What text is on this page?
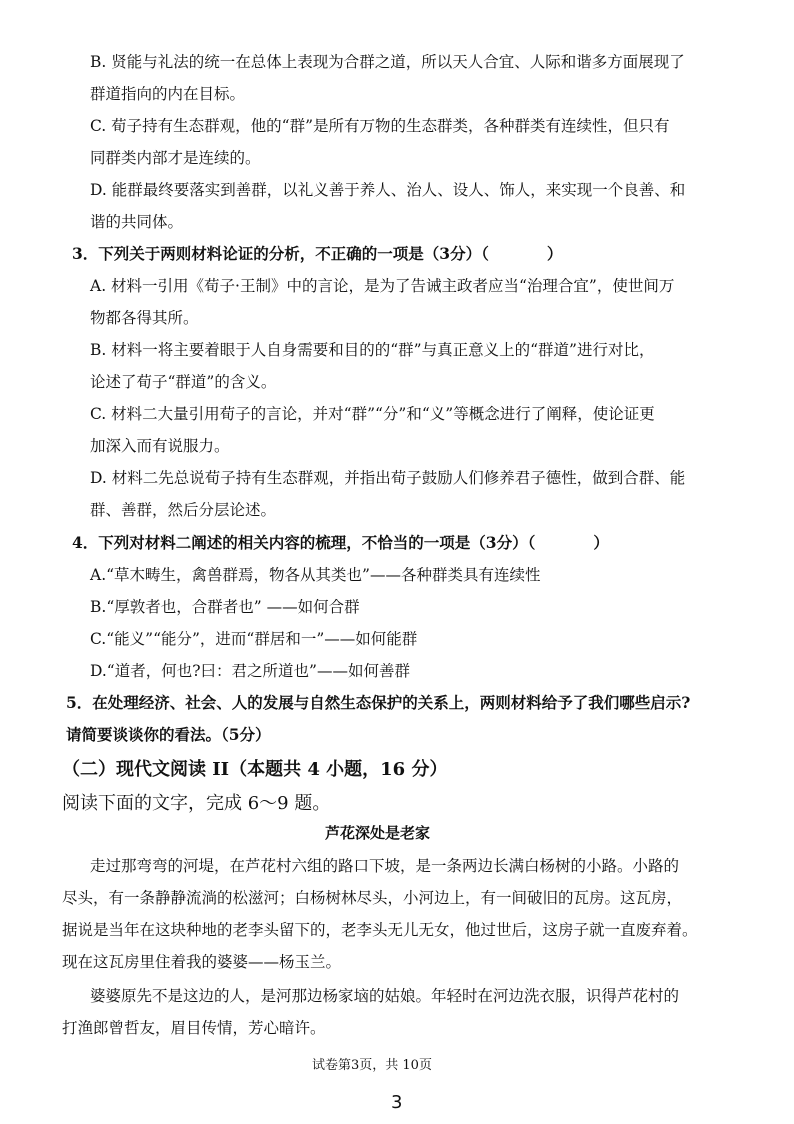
B. 贤能与礼法的统一在总体上表现为合群之道，所以天人合宜、人际和谐多方面展现了
群道指向的内在目标。
C. 荀子持有生态群观，他的“群”是所有万物的生态群类，各种群类有连续性，但只有
同群类内部才是连续的。
D. 能群最终要落实到善群，以礼义善于养人、治人、设人、饰人，来实现一个良善、和
谐的共同体。
3．下列关于两则材料论证的分析，不正确的一项是（3分）（	）
A. 材料一引用《荀子·王制》中的言论，是为了告诫主政者应当“治理合宜”，使世间万
物都各得其所。
B. 材料一将主要着眼于人自身需要和目的的“群”与真正意义上的“群道”进行对比，
论述了荀子“群道”的含义。
C. 材料二大量引用荀子的言论，并对“群”“分”和“义”等概念进行了阐释，使论证更
加深入而有说服力。
D. 材料二先总说荀子持有生态群观，并指出荀子鼓励人们修养君子德性，做到合群、能
群、善群，然后分层论述。
4．下列对材料二阐述的相关内容的梳理，不恰当的一项是（3分）（	）
A.“草木畴生，禽兽群焉，物各从其类也”——各种群类具有连续性
B.“厚敦者也，合群者也” ——如何合群
C.“能义”“能分”，进而“群居和一”——如何能群
D.“道者，何也?曰：君之所道也”——如何善群
5．在处理经济、社会、人的发展与自然生态保护的关系上，两则材料给予了我们哪些启示?
请简要谈谈你的看法。（5分）
（二）现代文阅读 II（本题共 4 小题，16 分）
阅读下面的文字，完成 6～9 题。
芦花深处是老家
走过那弯弯的河堤，在芦花村六组的路口下坡，是一条两边长满白杨树的小路。小路的
尽头，有一条静静流淌的松滋河；白杨树林尽头，小河边上，有一间破旧的瓦房。这瓦房，
据说是当年在这块种地的老李头留下的，老李头无儿无女，他过世后，这房子就一直废弃着。
现在这瓦房里住着我的婆婆——杨玉兰。
婆婆原先不是这边的人，是河那边杨家垴的姑娘。年轻时在河边洗衣服，识得芦花村的
打渔郎曾哲友，眉目传情，芳心暗许。
试卷第3页，共 10页
3
